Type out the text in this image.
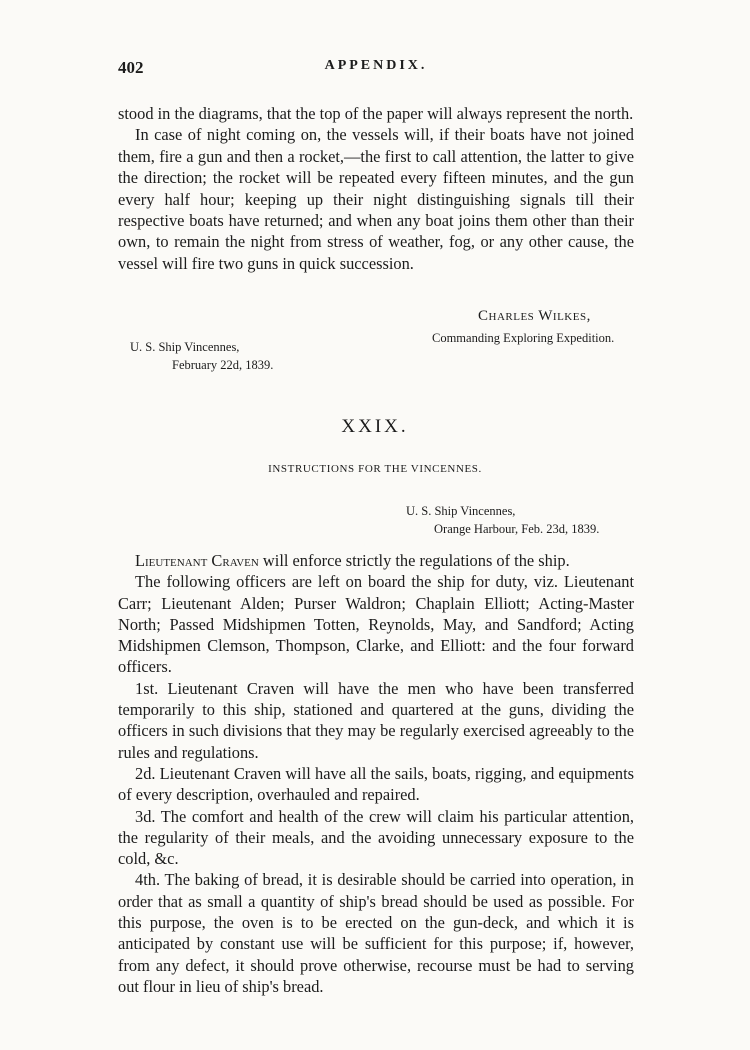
402	APPENDIX.

stood in the diagrams, that the top of the paper will always represent the north.

In case of night coming on, the vessels will, if their boats have not joined them, fire a gun and then a rocket,—the first to call attention, the latter to give the direction; the rocket will be repeated every fifteen minutes, and the gun every half hour; keeping up their night distinguishing signals till their respective boats have returned; and when any boat joins them other than their own, to remain the night from stress of weather, fog, or any other cause, the vessel will fire two guns in quick succession.

Charles Wilkes,
Commanding Exploring Expedition.
U. S. Ship Vincennes,
February 22d, 1839.
XXIX.
INSTRUCTIONS FOR THE VINCENNES.
U. S. Ship Vincennes,
Orange Harbour, Feb. 23d, 1839.

Lieutenant Craven will enforce strictly the regulations of the ship.

The following officers are left on board the ship for duty, viz. Lieutenant Carr; Lieutenant Alden; Purser Waldron; Chaplain Elliott; Acting-Master North; Passed Midshipmen Totten, Reynolds, May, and Sandford; Acting Midshipmen Clemson, Thompson, Clarke, and Elliott: and the four forward officers.

1st. Lieutenant Craven will have the men who have been transferred temporarily to this ship, stationed and quartered at the guns, dividing the officers in such divisions that they may be regularly exercised agreeably to the rules and regulations.

2d. Lieutenant Craven will have all the sails, boats, rigging, and equipments of every description, overhauled and repaired.

3d. The comfort and health of the crew will claim his particular attention, the regularity of their meals, and the avoiding unnecessary exposure to the cold, &c.

4th. The baking of bread, it is desirable should be carried into operation, in order that as small a quantity of ship's bread should be used as possible. For this purpose, the oven is to be erected on the gun-deck, and which it is anticipated by constant use will be sufficient for this purpose; if, however, from any defect, it should prove otherwise, recourse must be had to serving out flour in lieu of ship's bread.
